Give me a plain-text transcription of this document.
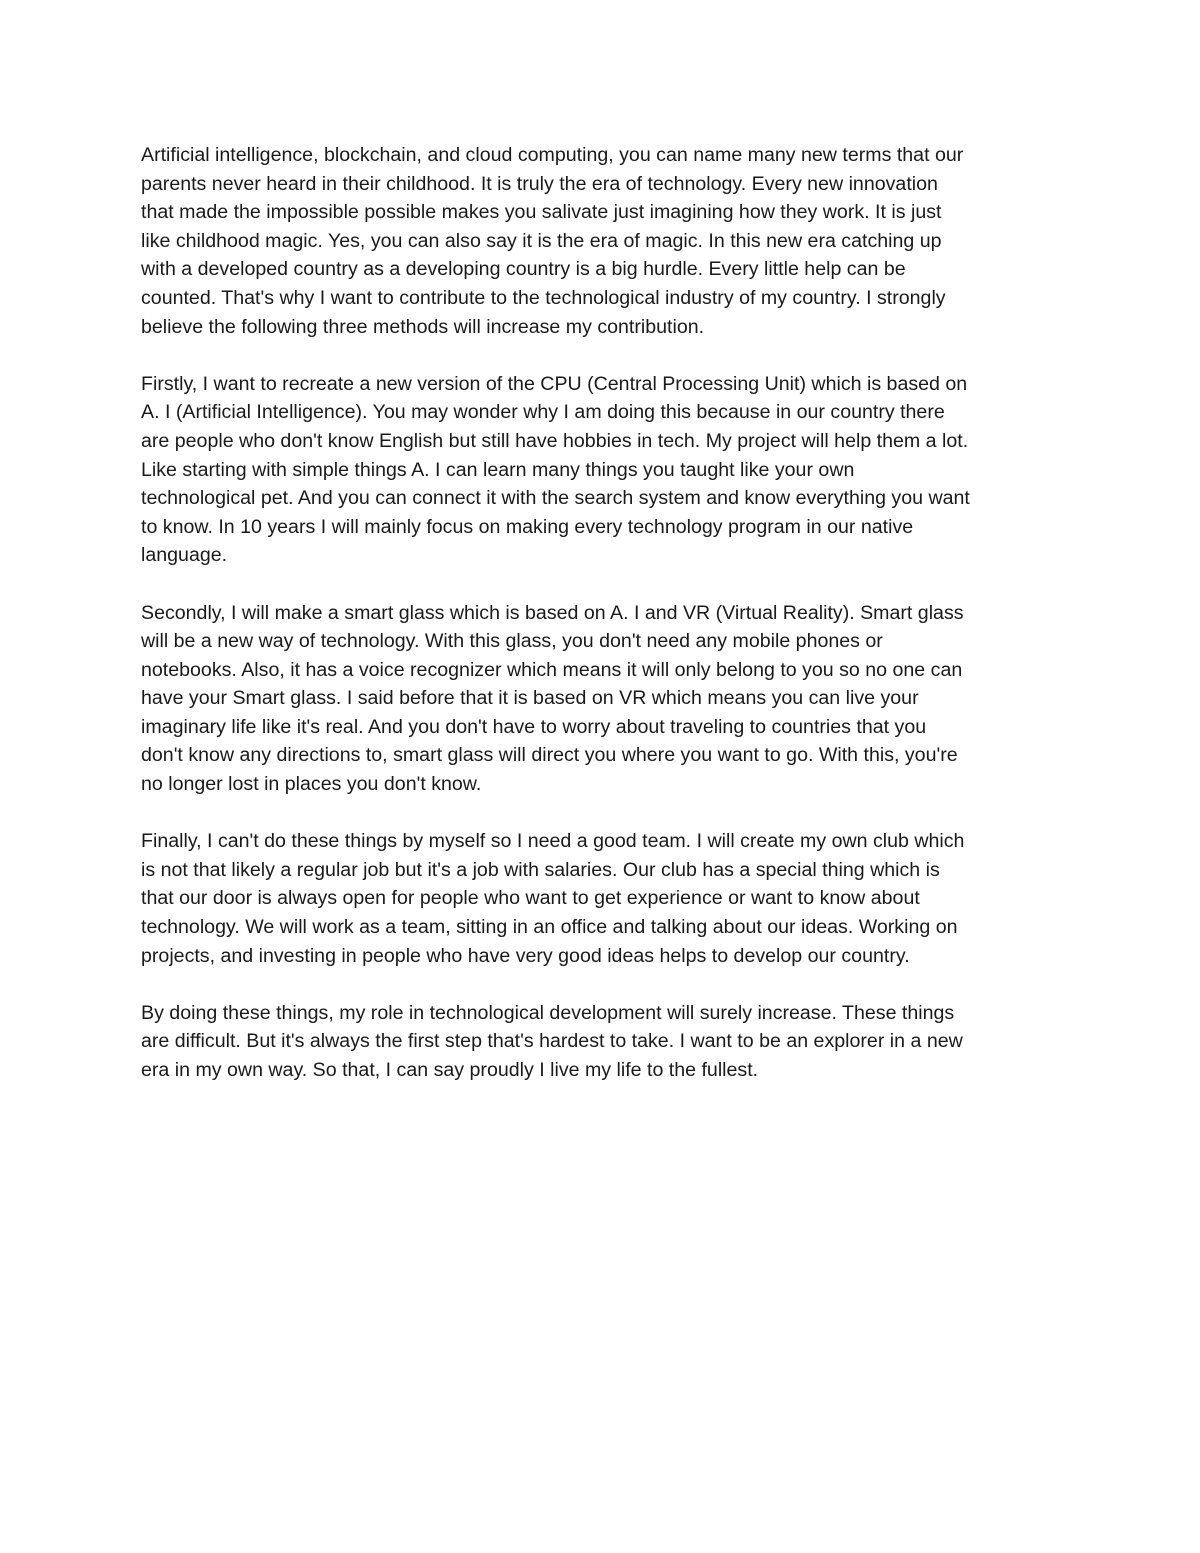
Artificial intelligence, blockchain, and cloud computing, you can name many new terms that our
parents never heard in their childhood. It is truly the era of technology. Every new innovation
that made the impossible possible makes you salivate just imagining how they work. It is just
like childhood magic. Yes, you can also say it is the era of magic. In this new era catching up
with a developed country as a developing country is a big hurdle. Every little help can be
counted. That's why I want to contribute to the technological industry of my country. I strongly
believe the following three methods will increase my contribution.
Firstly, I want to recreate a new version of the CPU (Central Processing Unit) which is based on
A. I (Artificial Intelligence). You may wonder why I am doing this because in our country there
are people who don't know English but still have hobbies in tech. My project will help them a lot.
Like starting with simple things A. I can learn many things you taught like your own
technological pet. And you can connect it with the search system and know everything you want
to know. In 10 years I will mainly focus on making every technology program in our native
language.
Secondly, I will make a smart glass which is based on A. I and VR (Virtual Reality). Smart glass
will be a new way of technology. With this glass, you don't need any mobile phones or
notebooks. Also, it has a voice recognizer which means it will only belong to you so no one can
have your Smart glass. I said before that it is based on VR which means you can live your
imaginary life like it's real. And you don't have to worry about traveling to countries that you
don't know any directions to, smart glass will direct you where you want to go. With this, you're
no longer lost in places you don't know.
Finally, I can't do these things by myself so I need a good team. I will create my own club which
is not that likely a regular job but it's a job with salaries. Our club has a special thing which is
that our door is always open for people who want to get experience or want to know about
technology. We will work as a team, sitting in an office and talking about our ideas. Working on
projects, and investing in people who have very good ideas helps to develop our country.
By doing these things, my role in technological development will surely increase. These things
are difficult. But it's always the first step that's hardest to take. I want to be an explorer in a new
era in my own way. So that, I can say proudly I live my life to the fullest.
